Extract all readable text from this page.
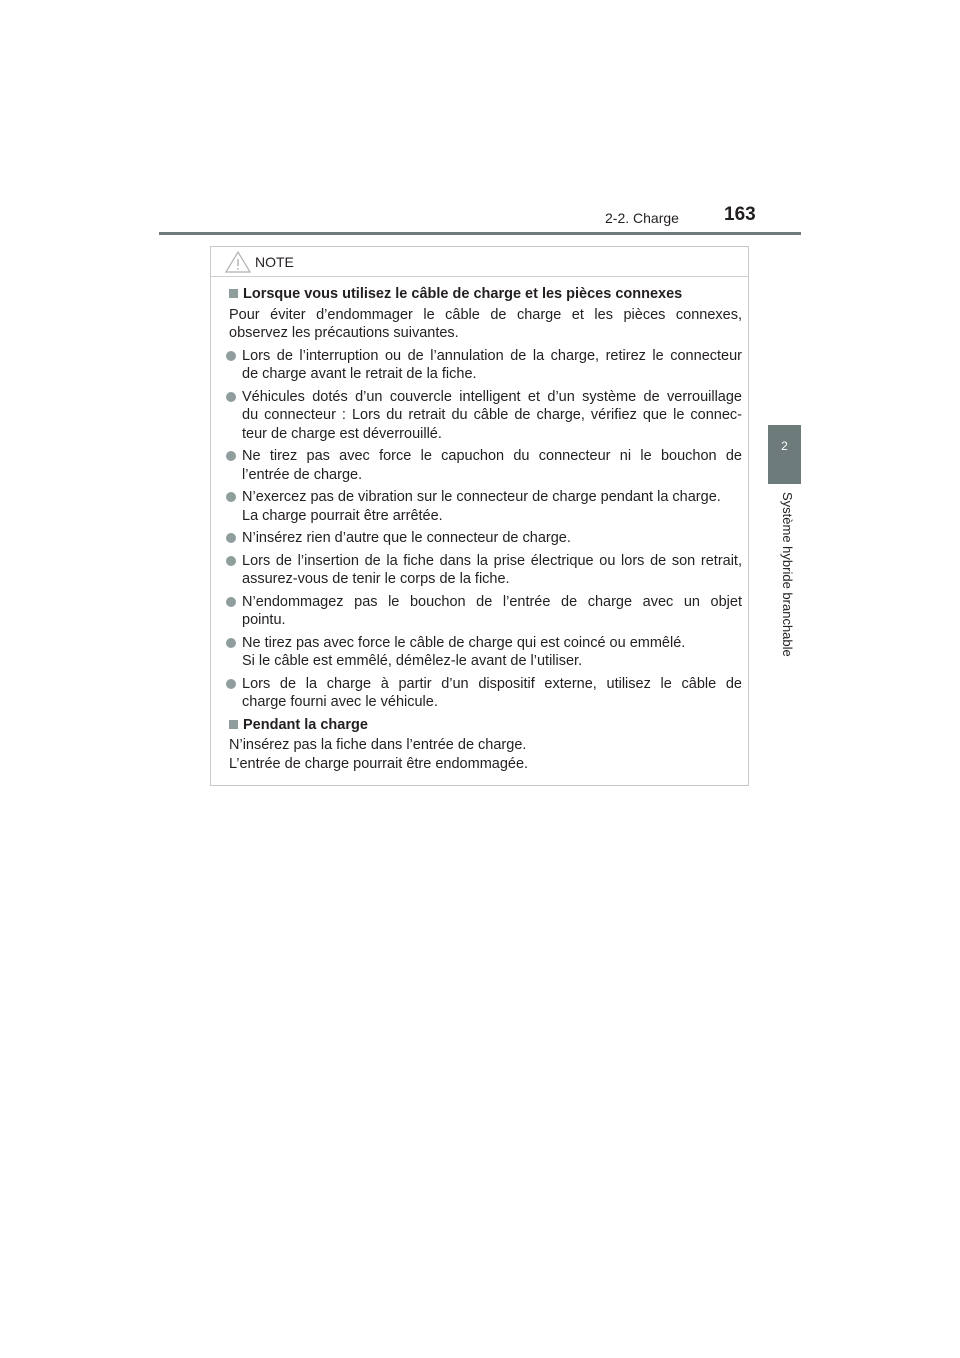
2-2. Charge 163
2
Système hybride branchable
NOTE
Lorsque vous utilisez le câble de charge et les pièces connexes
Pour éviter d’endommager le câble de charge et les pièces connexes,
observez les précautions suivantes.
Lors de l’interruption ou de l’annulation de la charge, retirez le connecteur
de charge avant le retrait de la fiche.
Véhicules dotés d’un couvercle intelligent et d’un système de verrouillage
du connecteur : Lors du retrait du câble de charge, vérifiez que le connec-
teur de charge est déverrouillé.
Ne tirez pas avec force le capuchon du connecteur ni le bouchon de
l’entrée de charge.
N’exercez pas de vibration sur le connecteur de charge pendant la charge.
La charge pourrait être arrêtée.
N’insérez rien d’autre que le connecteur de charge.
Lors de l’insertion de la fiche dans la prise électrique ou lors de son retrait,
assurez-vous de tenir le corps de la fiche.
N’endommagez pas le bouchon de l’entrée de charge avec un objet
pointu.
Ne tirez pas avec force le câble de charge qui est coincé ou emmêlé.
Si le câble est emmêlé, démêlez-le avant de l’utiliser.
Lors de la charge à partir d’un dispositif externe, utilisez le câble de
charge fourni avec le véhicule.
Pendant la charge
N’insérez pas la fiche dans l’entrée de charge.
L’entrée de charge pourrait être endommagée.
